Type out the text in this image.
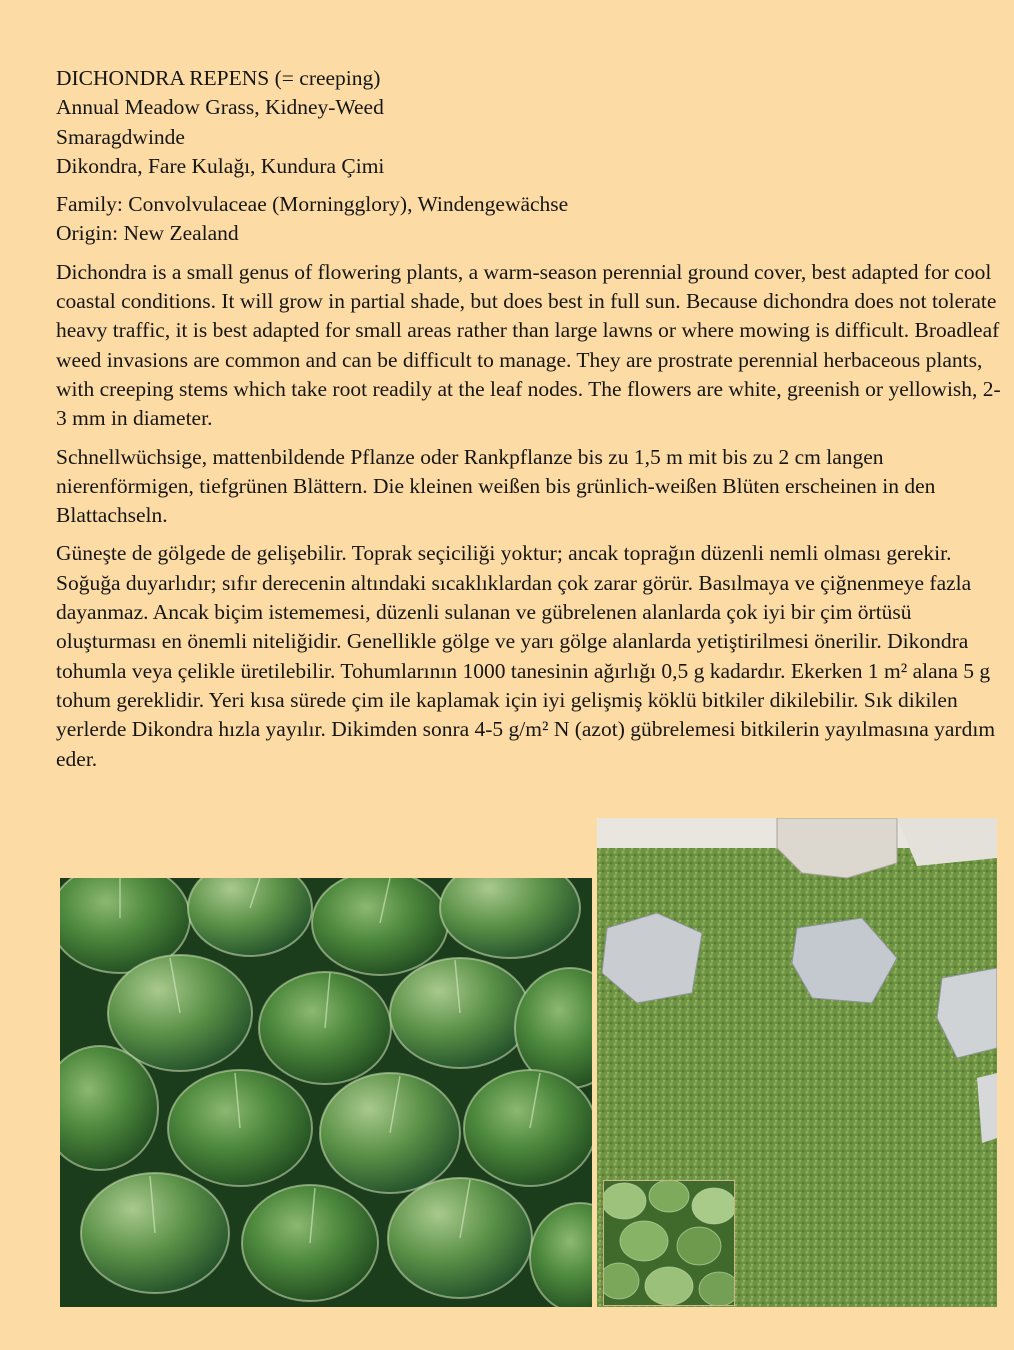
DICHONDRA REPENS (= creeping)
Annual Meadow Grass, Kidney-Weed
Smaragdwinde
Dikondra, Fare Kulağı, Kundura Çimi

Family: Convolvulaceae (Morningglory), Windengewächse
Origin: New Zealand

Dichondra is a small genus of flowering plants, a warm-season perennial ground cover, best adapted for cool coastal conditions. It will grow in partial shade, but does best in full sun. Because dichondra does not tolerate heavy traffic, it is best adapted for small areas rather than large lawns or where mowing is difficult. Broadleaf weed invasions are common and can be difficult to manage. They are prostrate perennial herbaceous plants, with creeping stems which take root readily at the leaf nodes. The flowers are white, greenish or yellowish, 2-3 mm in diameter.

Schnellwüchsige, mattenbildende Pflanze oder Rankpflanze bis zu 1,5 m mit bis zu 2 cm langen nierenförmigen, tiefgrünen Blättern. Die kleinen weißen bis grünlich-weißen Blüten erscheinen in den Blattachseln.

Güneşte de gölgede de gelişebilir. Toprak seçiciliği yoktur; ancak toprağın düzenli nemli olması gerekir. Soğuğa duyarlıdır; sıfır derecenin altındaki sıcaklıklardan çok zarar görür. Basılmaya ve çiğnenmeye fazla dayanmaz. Ancak biçim istememesi, düzenli sulanan ve gübrelenen alanlarda çok iyi bir çim örtüsü oluşturması en önemli niteliğidir. Genellikle gölge ve yarı gölge alanlarda yetiştirilmesi önerilir. Dikondra tohumla veya çelikle üretilebilir. Tohumlarının 1000 tanesinin ağırlığı 0,5 g kadardır. Ekerken 1 m² alana 5 g tohum gereklidir. Yeri kısa sürede çim ile kaplamak için iyi gelişmiş köklü bitkiler dikilebilir. Sık dikilen yerlerde Dikondra hızla yayılır. Dikimden sonra 4-5 g/m² N (azot) gübrelemesi bitkilerin yayılmasına yardım eder.
